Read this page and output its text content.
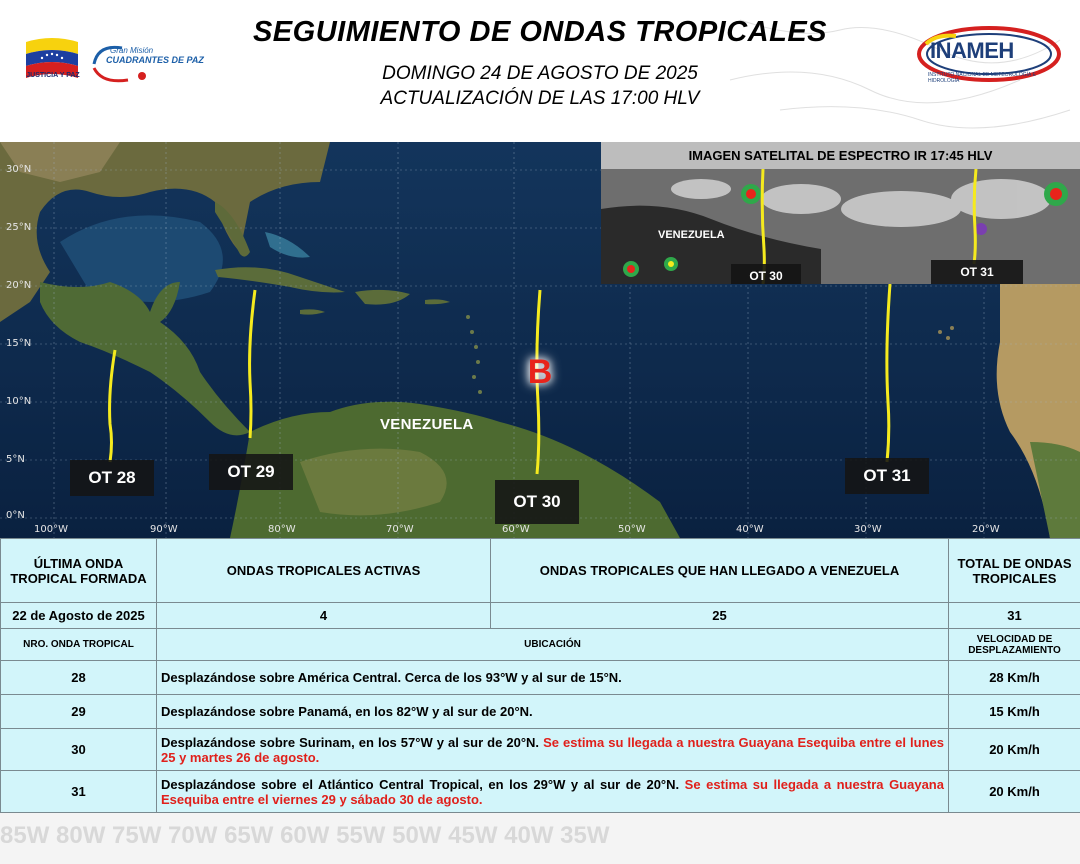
JUSTICIA Y PAZ
Gran Misión
CUADRANTES DE PAZ
SEGUIMIENTO DE ONDAS TROPICALES
DOMINGO 24 DE AGOSTO DE 2025
ACTUALIZACIÓN DE LAS 17:00 HLV
INAMEH
INSTITUTO NACIONAL DE METEOROLOGÍA E HIDROLOGÍA
30°N
25°N
20°N
15°N
10°N
5°N
0°N
100°W	90°W	80°W	70°W	60°W	50°W	40°W	30°W	20°W
VENEZUELA
B
OT 28	OT 29
OT 30
OT 31
IMAGEN SATELITAL DE ESPECTRO IR 17:45 HLV
VENEZUELA
OT 30	OT 31
85W 80W 75W 70W 65W 60W 55W 50W 45W 40W 35W
ÚLTIMA ONDA TROPICAL FORMADA	ONDAS TROPICALES ACTIVAS	ONDAS TROPICALES QUE HAN LLEGADO A VENEZUELA	TOTAL DE ONDAS TROPICALES
22 de Agosto de 2025	4	25	31
NRO. ONDA TROPICAL	UBICACIÓN		VELOCIDAD DE DESPLAZAMIENTO
28	Desplazándose sobre América Central. Cerca de los 93°W y al sur de 15°N.		28 Km/h
29	Desplazándose sobre Panamá, en los 82°W y al sur de 20°N.		15 Km/h
30	Desplazándose sobre Surinam, en los 57°W y al sur de 20°N. Se estima su llegada a nuestra Guayana Esequiba entre el lunes 25 y martes 26 de agosto.		20 Km/h
31	Desplazándose sobre el Atlántico Central Tropical, en los 29°W y al sur de 20°N. Se estima su llegada a nuestra Guayana Esequiba entre el viernes 29 y sábado 30 de agosto.		20 Km/h
